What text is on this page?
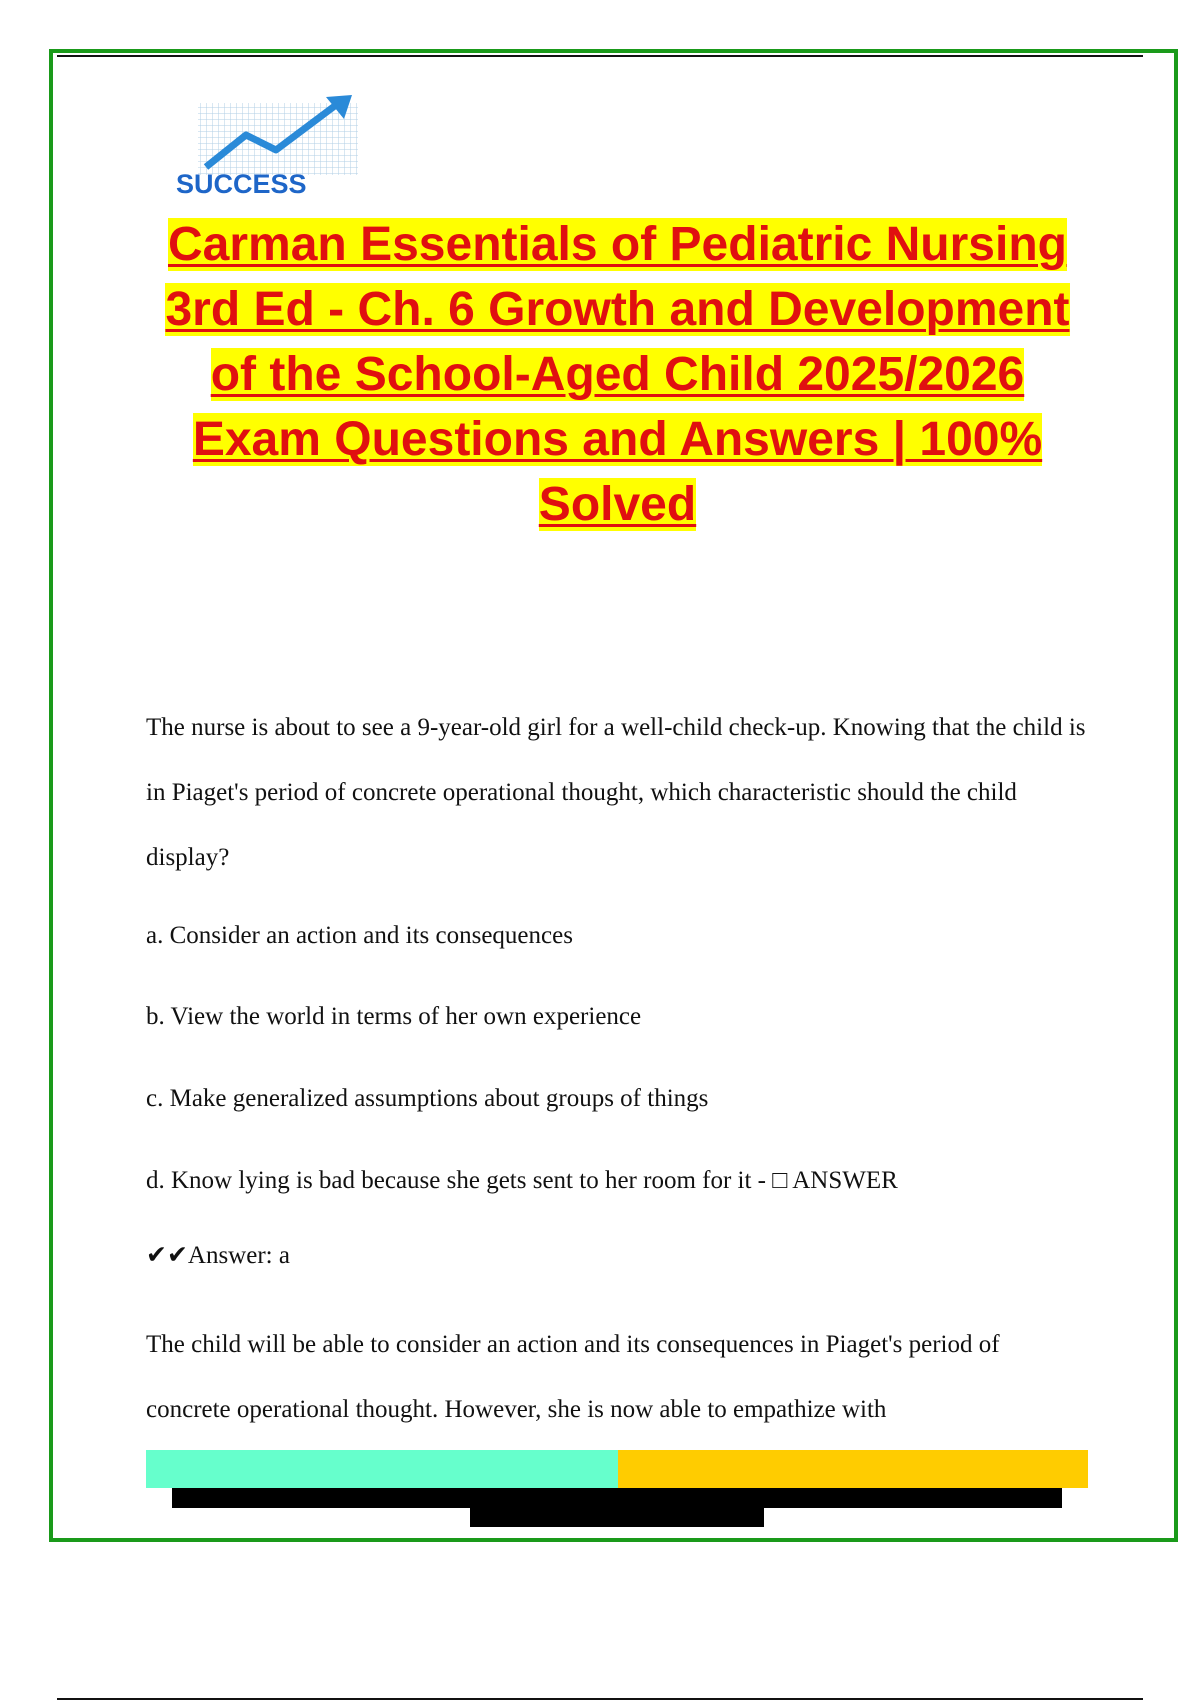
SUCCESS
Carman Essentials of Pediatric Nursing
3rd Ed - Ch. 6 Growth and Development
of the School-Aged Child 2025/2026
Exam Questions and Answers | 100%
Solved
The nurse is about to see a 9-year-old girl for a well-child check-up. Knowing that the child is in Piaget's period of concrete operational thought, which characteristic should the child display?
a. Consider an action and its consequences
b. View the world in terms of her own experience
c. Make generalized assumptions about groups of things
d. Know lying is bad because she gets sent to her room for it - □ ANSWER
✔✔Answer: a
The child will be able to consider an action and its consequences in Piaget's period of concrete operational thought. However, she is now able to empathize with
